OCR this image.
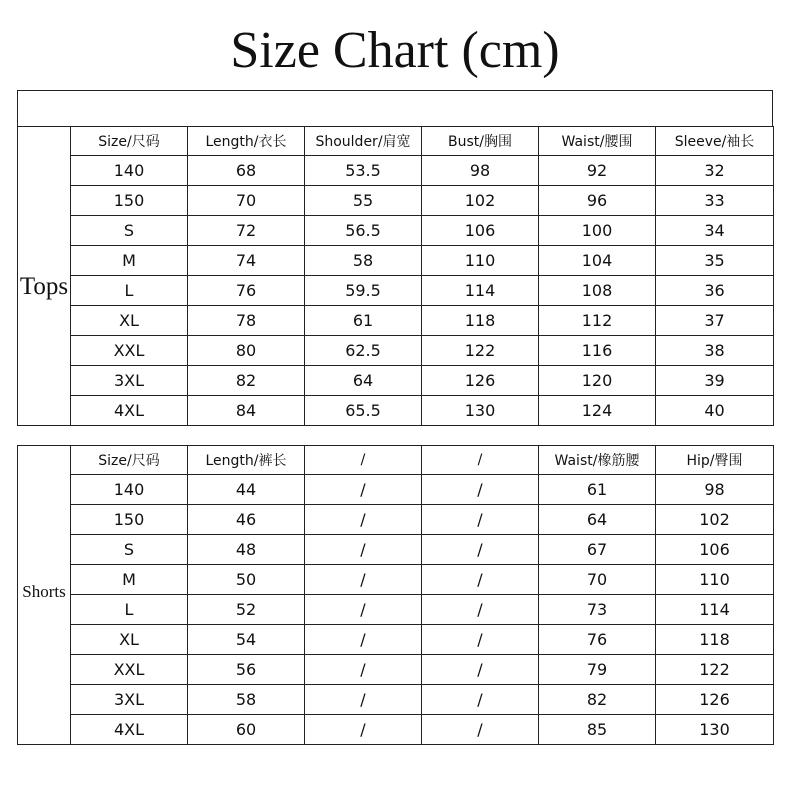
Size Chart (cm)
	Size/尺码	Length/衣长	Shoulder/肩宽	Bust/胸围	Waist/腰围	Sleeve/袖长
	140	68	53.5	98	92	32
	150	70	55	102	96	33
	S	72	56.5	106	100	34
	M	74	58	110	104	35
	L	76	59.5	114	108	36
	XL	78	61	118	112	37
	XXL	80	62.5	122	116	38
	3XL	82	64	126	120	39
	4XL	84	65.5	130	124	40
	Size/尺码	Length/裤长	/	/	Waist/橡筋腰	Hip/臀围
	140	44	/	/	61	98
	150	46	/	/	64	102
	S	48	/	/	67	106
	M	50	/	/	70	110
	L	52	/	/	73	114
	XL	54	/	/	76	118
	XXL	56	/	/	79	122
	3XL	58	/	/	82	126
	4XL	60	/	/	85	130
Tops
Shorts
